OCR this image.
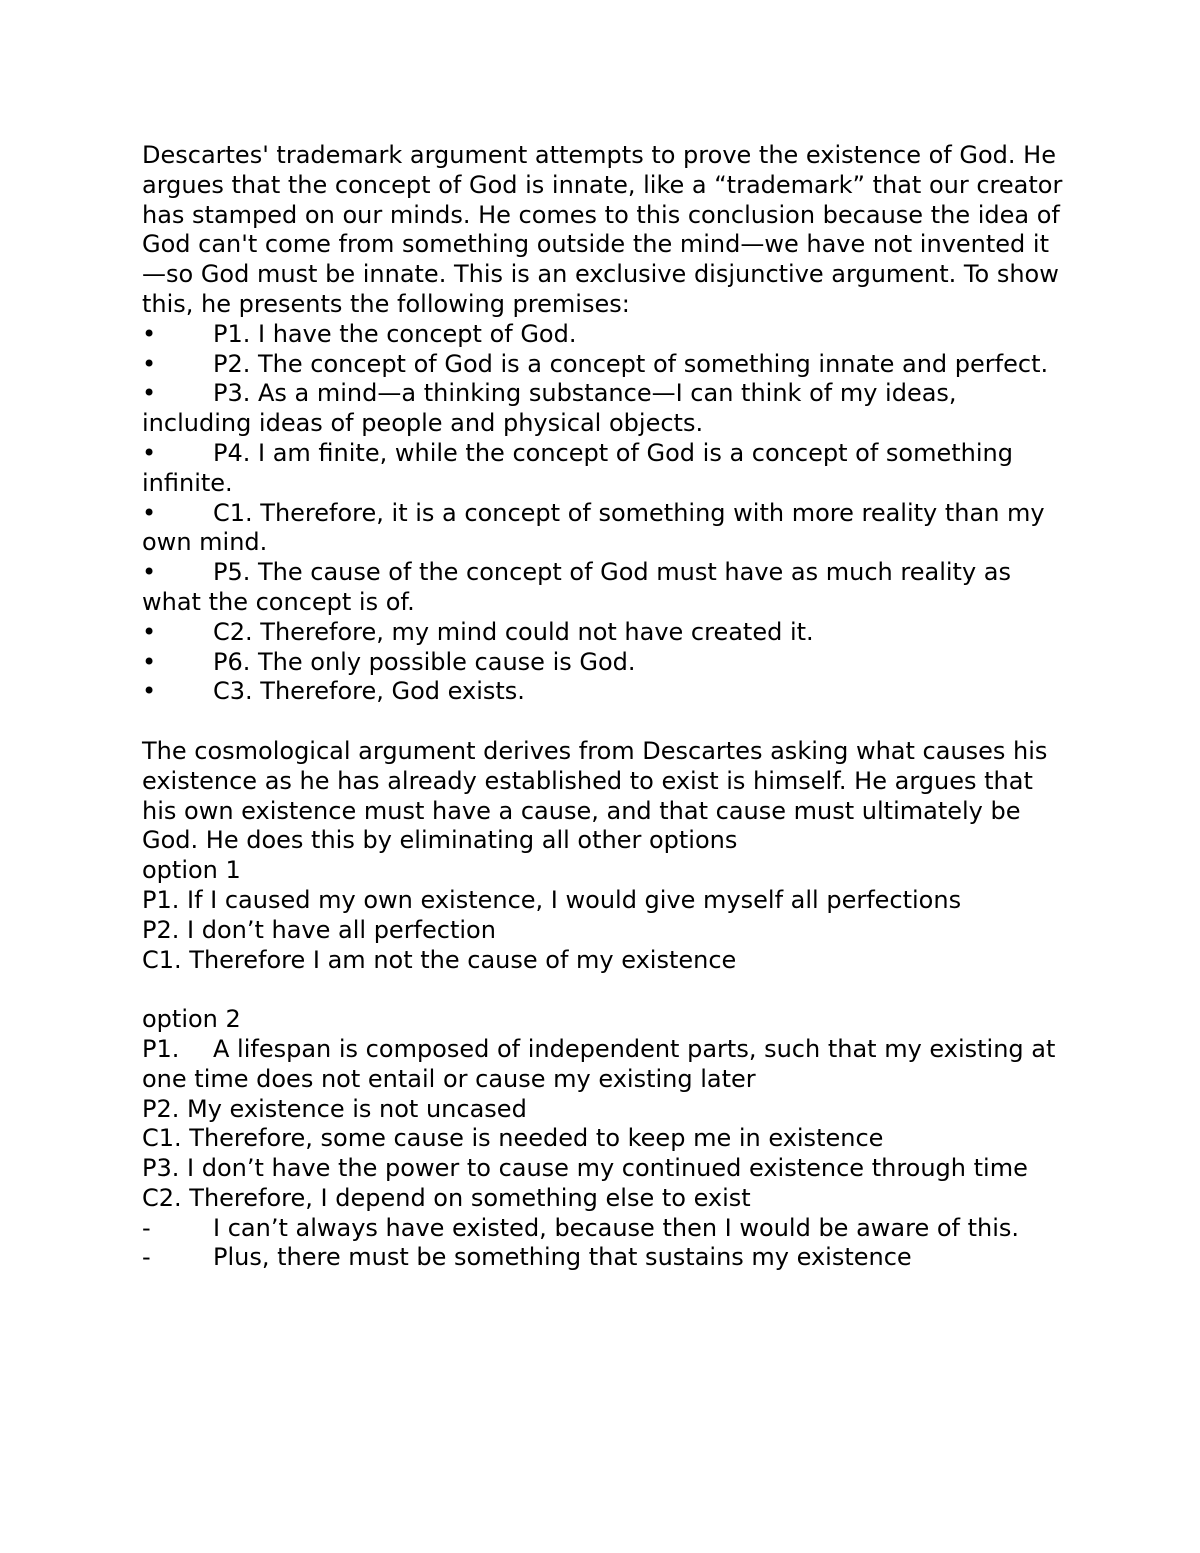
Descartes' trademark argument attempts to prove the existence of God. He argues that the concept of God is innate, like a “trademark” that our creator has stamped on our minds. He comes to this conclusion because the idea of God can't come from something outside the mind—we have not invented it—so God must be innate. This is an exclusive disjunctive argument. To show this, he presents the following premises:

• P1. I have the concept of God.
• P2. The concept of God is a concept of something innate and perfect.
• P3. As a mind—a thinking substance—I can think of my ideas, including ideas of people and physical objects.
• P4. I am finite, while the concept of God is a concept of something infinite.
• C1. Therefore, it is a concept of something with more reality than my own mind.
• P5. The cause of the concept of God must have as much reality as what the concept is of.
• C2. Therefore, my mind could not have created it.
• P6. The only possible cause is God.
• C3. Therefore, God exists.

The cosmological argument derives from Descartes asking what causes his existence as he has already established to exist is himself. He argues that his own existence must have a cause, and that cause must ultimately be God. He does this by eliminating all other options

option 1
P1. If I caused my own existence, I would give myself all perfections
P2. I don’t have all perfection
C1. Therefore I am not the cause of my existence
option 2
P1. A lifespan is composed of independent parts, such that my existing at one time does not entail or cause my existing later
P2. My existence is not uncased
C1. Therefore, some cause is needed to keep me in existence
P3. I don’t have the power to cause my continued existence through time
C2. Therefore, I depend on something else to exist
-	I can’t always have existed, because then I would be aware of this.
-	Plus, there must be something that sustains my existence
